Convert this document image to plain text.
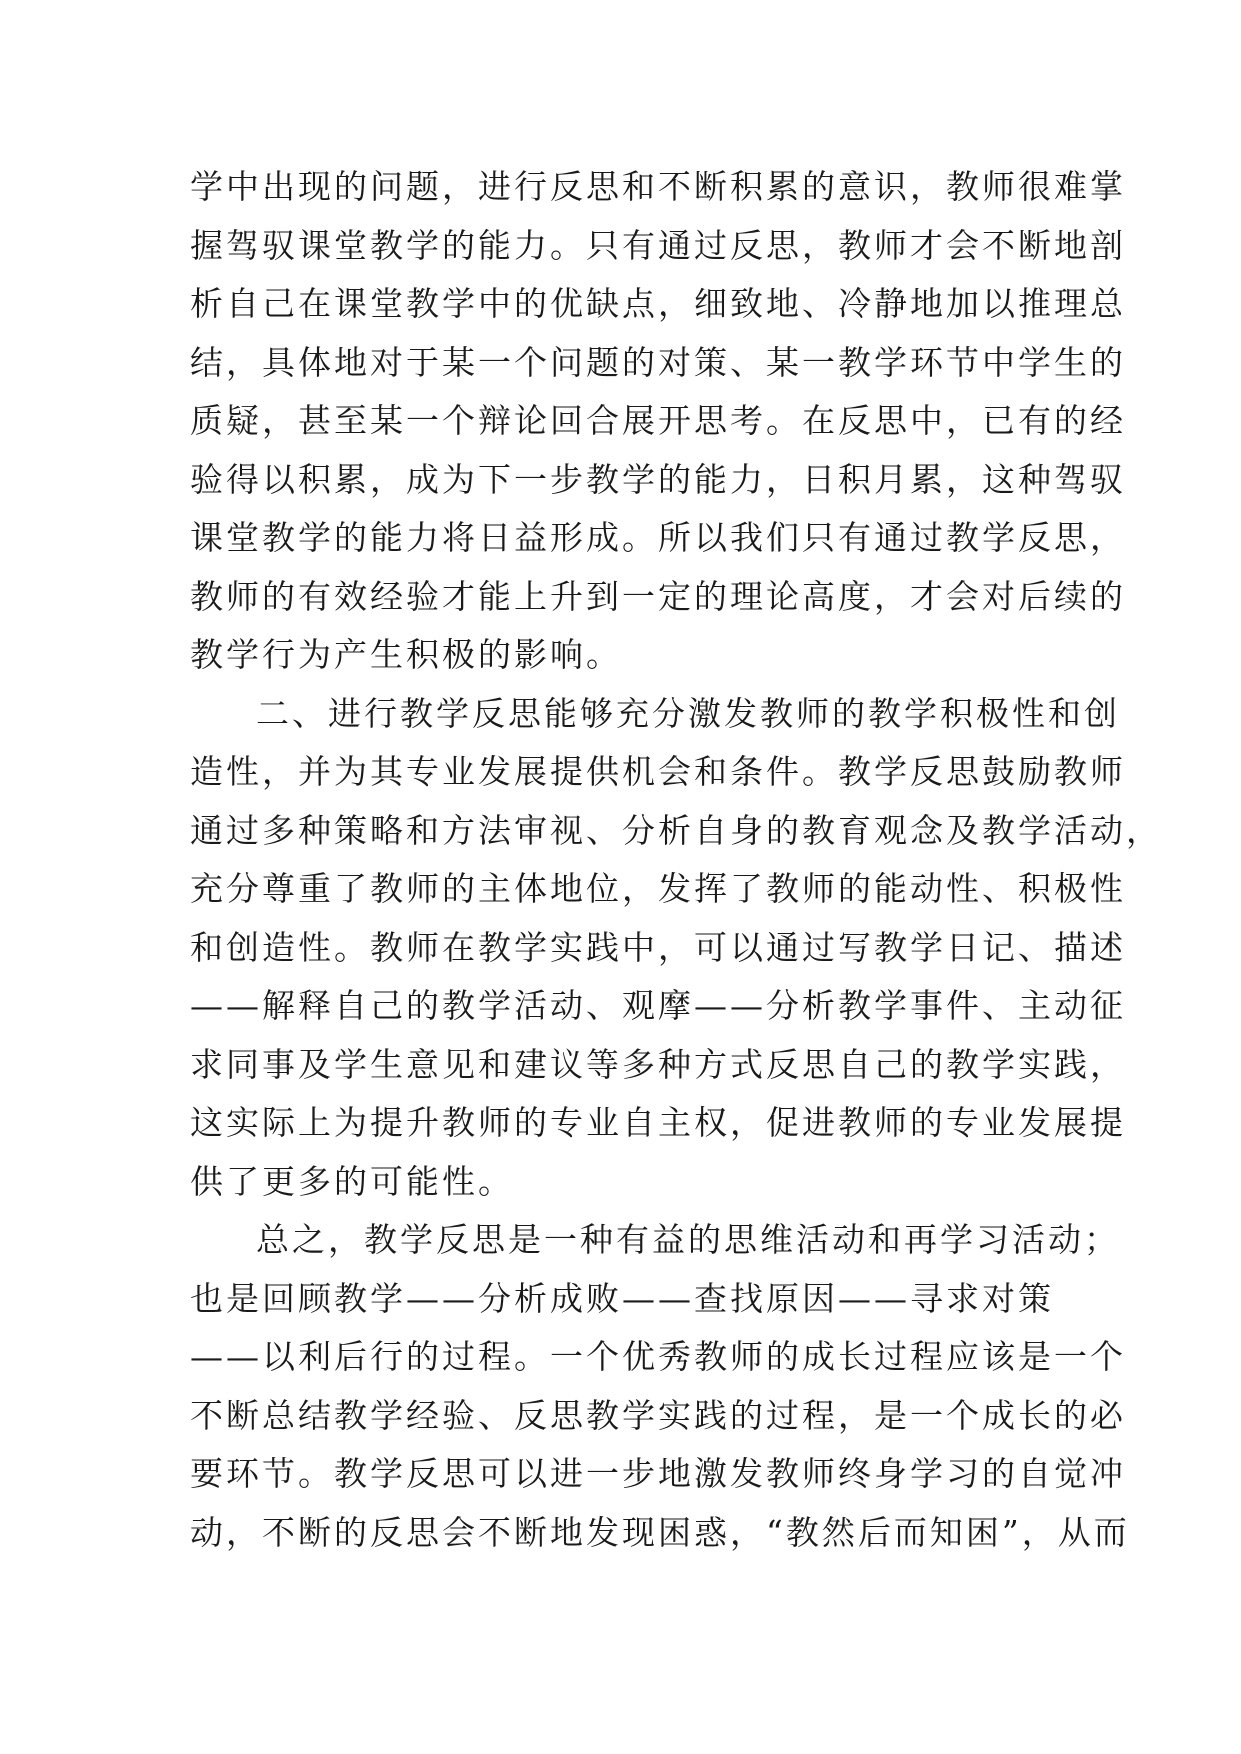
学中出现的问题，进行反思和不断积累的意识，教师很难掌
握驾驭课堂教学的能力。只有通过反思，教师才会不断地剖
析自己在课堂教学中的优缺点，细致地、冷静地加以推理总
结，具体地对于某一个问题的对策、某一教学环节中学生的
质疑，甚至某一个辩论回合展开思考。在反思中，已有的经
验得以积累，成为下一步教学的能力，日积月累，这种驾驭
课堂教学的能力将日益形成。所以我们只有通过教学反思，
教师的有效经验才能上升到一定的理论高度，才会对后续的
教学行为产生积极的影响。
二、进行教学反思能够充分激发教师的教学积极性和创
造性，并为其专业发展提供机会和条件。教学反思鼓励教师
通过多种策略和方法审视、分析自身的教育观念及教学活动，
充分尊重了教师的主体地位，发挥了教师的能动性、积极性
和创造性。教师在教学实践中，可以通过写教学日记、描述
——解释自己的教学活动、观摩——分析教学事件、主动征
求同事及学生意见和建议等多种方式反思自己的教学实践，
这实际上为提升教师的专业自主权，促进教师的专业发展提
供了更多的可能性。
总之，教学反思是一种有益的思维活动和再学习活动；
也是回顾教学——分析成败——查找原因——寻求对策
——以利后行的过程。一个优秀教师的成长过程应该是一个
不断总结教学经验、反思教学实践的过程，是一个成长的必
要环节。教学反思可以进一步地激发教师终身学习的自觉冲
动，不断的反思会不断地发现困惑，“教然后而知困”，从而
